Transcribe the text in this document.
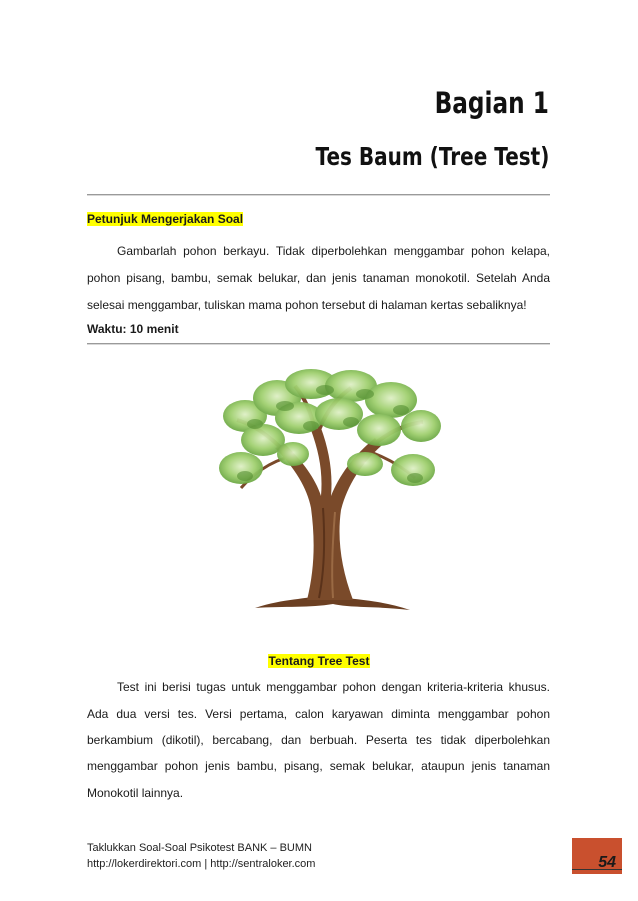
Bagian 1
Tes Baum (Tree Test)
Petunjuk Mengerjakan Soal
Gambarlah pohon berkayu. Tidak diperbolehkan menggambar pohon kelapa,
pohon pisang, bambu, semak belukar, dan jenis tanaman monokotil. Setelah Anda
selesai menggambar, tuliskan mama pohon tersebut di halaman kertas sebaliknya!
Waktu: 10 menit
Tentang Tree Test
Test ini berisi tugas untuk menggambar pohon dengan kriteria-kriteria khusus.
Ada dua versi tes. Versi pertama, calon karyawan diminta menggambar pohon
berkambium (dikotil), bercabang, dan berbuah. Peserta tes tidak diperbolehkan
menggambar pohon jenis bambu, pisang, semak belukar, ataupun jenis tanaman
Monokotil lainnya.
Taklukkan Soal-Soal Psikotest BANK – BUMN
http://lokerdirektori.com | http://sentraloker.com	54
